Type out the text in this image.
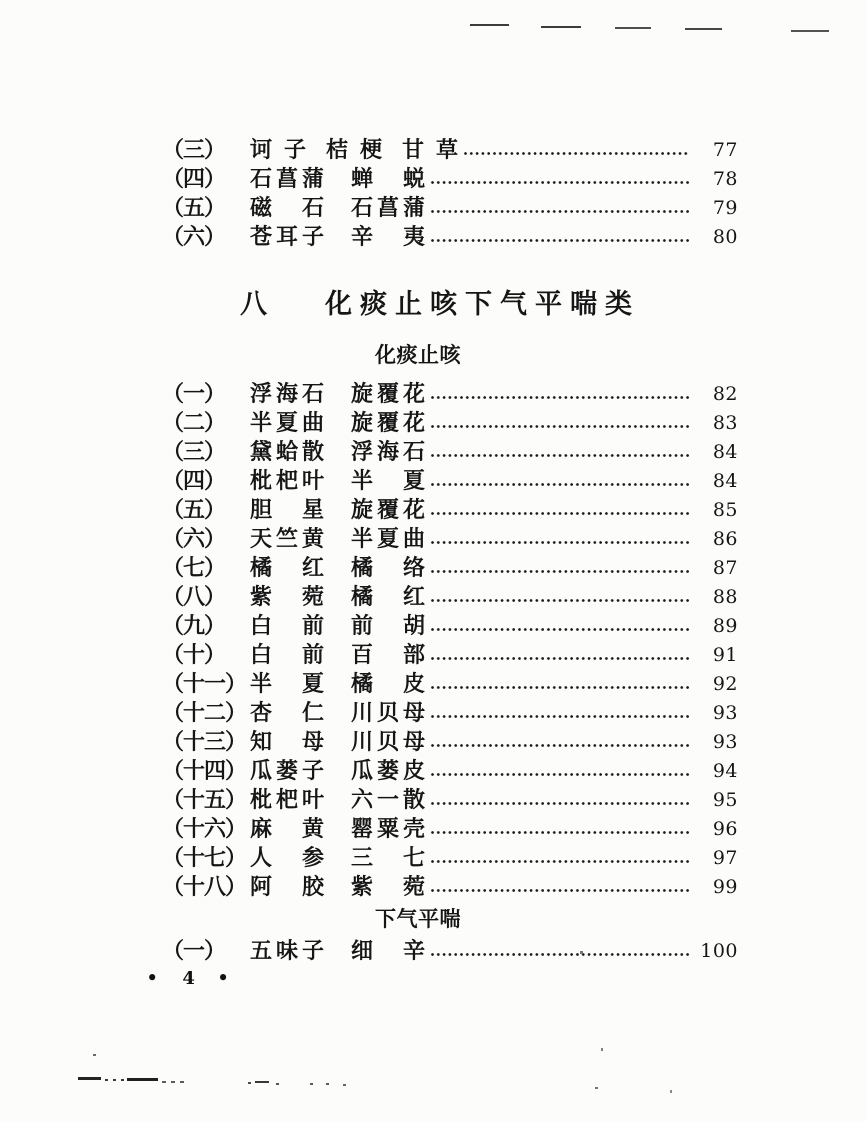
（三）	诃 子 桔 梗 甘 草	77
（四）	石菖蒲 蝉 蜕	78
（五）	磁 石 石菖蒲	79
（六）	苍耳子 辛 夷	80
八 化痰止咳下气平喘类
化痰止咳
（一）	浮海石 旋覆花	82
（二）	半夏曲 旋覆花	83
（三）	黛蛤散 浮海石	84
（四）	枇杷叶 半 夏	84
（五）	胆 星 旋覆花	85
（六）	天竺黄 半夏曲	86
（七）	橘 红 橘 络	87
（八）	紫 菀 橘 红	88
（九）	白 前 前 胡	89
（十）	白 前 百 部	91
（十一） 半 夏 橘 皮	92
（十二） 杏 仁 川贝母	93
（十三） 知 母 川贝母	93
（十四） 瓜蒌子 瓜蒌皮	94
（十五） 枇杷叶 六一散	95
（十六） 麻 黄 罂粟壳	96
（十七） 人 参 三 七	97
（十八） 阿 胶 紫 菀	99
下气平喘
（一）	五味子 细 辛	100
• 4 •
